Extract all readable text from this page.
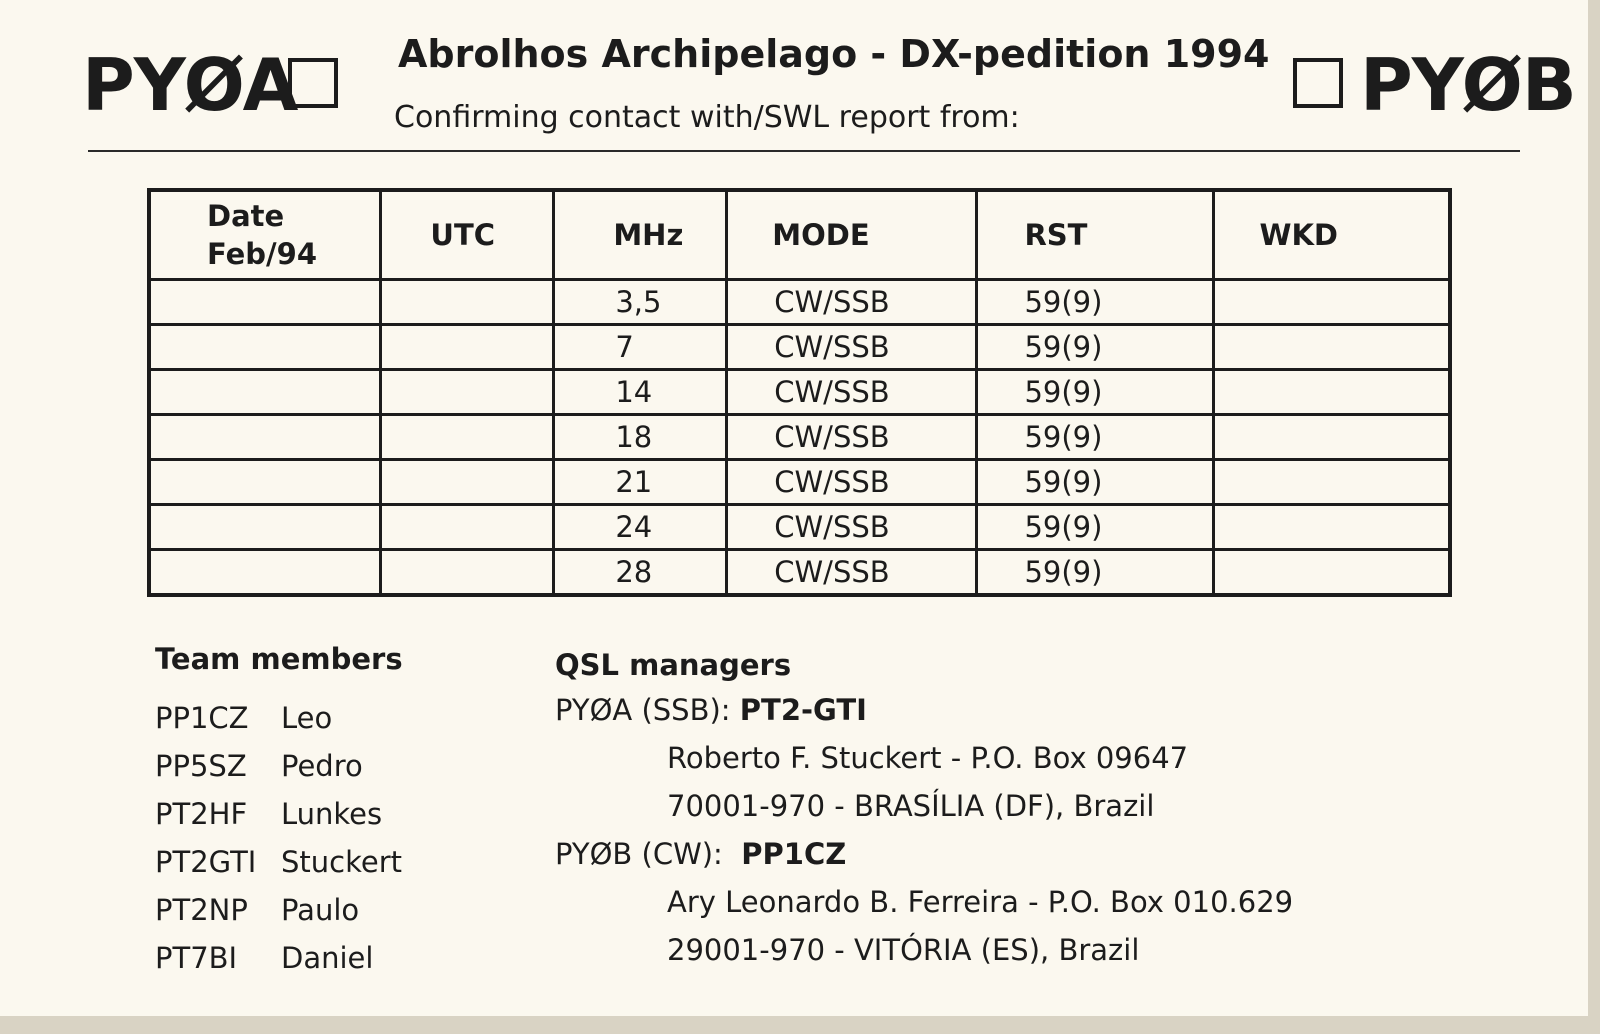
PYØA	Abrolhos Archipelago - DX-pedition 1994
Confirming contact with/SWL report from:	PYØB
Date
Feb/94	UTC	MHz	MODE	RST	WKD

		3,5	CW/SSB	59(9)	

		7	CW/SSB	59(9)	

		14	CW/SSB	59(9)	

		18	CW/SSB	59(9)	

		21	CW/SSB	59(9)	

		24	CW/SSB	59(9)	

		28	CW/SSB	59(9)	

Team members
PP1CZ Leo
PP5SZ Pedro
PT2HF Lunkes
PT2GTI Stuckert
PT2NP Paulo
PT7BI Daniel
QSL managers
PYØA (SSB): PT2-GTI
Roberto F. Stuckert - P.O. Box 09647
70001-970 - BRASÍLIA (DF), Brazil
PYØB (CW):  PP1CZ
Ary Leonardo B. Ferreira - P.O. Box 010.629
29001-970 - VITÓRIA (ES), Brazil
